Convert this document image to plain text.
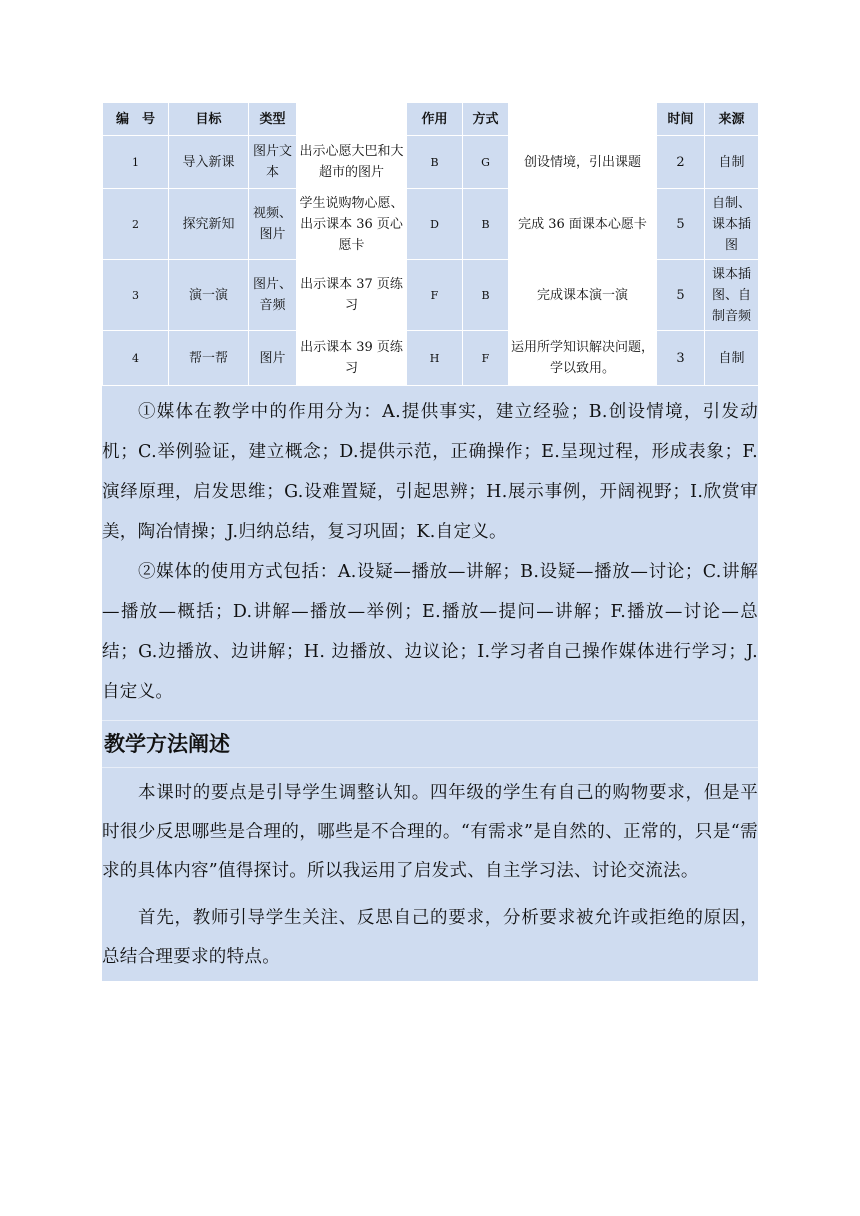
编　号	目标	类型		作用	方式		时间	来源
1	导入新课	图片文本	出示心愿大巴和大超市的图片	B	G	创设情境，引出课题	2	自制
2	探究新知	视频、图片	学生说购物心愿、出示课本 36 页心愿卡	D	B	完成 36 面课本心愿卡	5	自制、课本插图
3	演一演	图片、音频	出示课本 37 页练习	F	B	完成课本演一演	5	课本插图、自制音频
4	帮一帮	图片	出示课本 39 页练习	H	F	运用所学知识解决问题，学以致用。	3	自制

①媒体在教学中的作用分为：A.提供事实，建立经验；B.创设情境，引发动机；C.举例验证，建立概念；D.提供示范，正确操作；E.呈现过程，形成表象；F.演绎原理，启发思维；G.设难置疑，引起思辨；H.展示事例，开阔视野；I.欣赏审美，陶冶情操；J.归纳总结，复习巩固；K.自定义。

②媒体的使用方式包括：A.设疑—播放—讲解；B.设疑—播放—讨论；C.讲解—播放—概括；D.讲解—播放—举例；E.播放—提问—讲解；F.播放—讨论—总结；G.边播放、边讲解；H. 边播放、边议论；I.学习者自己操作媒体进行学习；J.自定义。

教学方法阐述

本课时的要点是引导学生调整认知。四年级的学生有自己的购物要求，但是平时很少反思哪些是合理的，哪些是不合理的。“有需求”是自然的、正常的，只是“需求的具体内容”值得探讨。所以我运用了启发式、自主学习法、讨论交流法。

首先，教师引导学生关注、反思自己的要求，分析要求被允许或拒绝的原因，总结合理要求的特点。
